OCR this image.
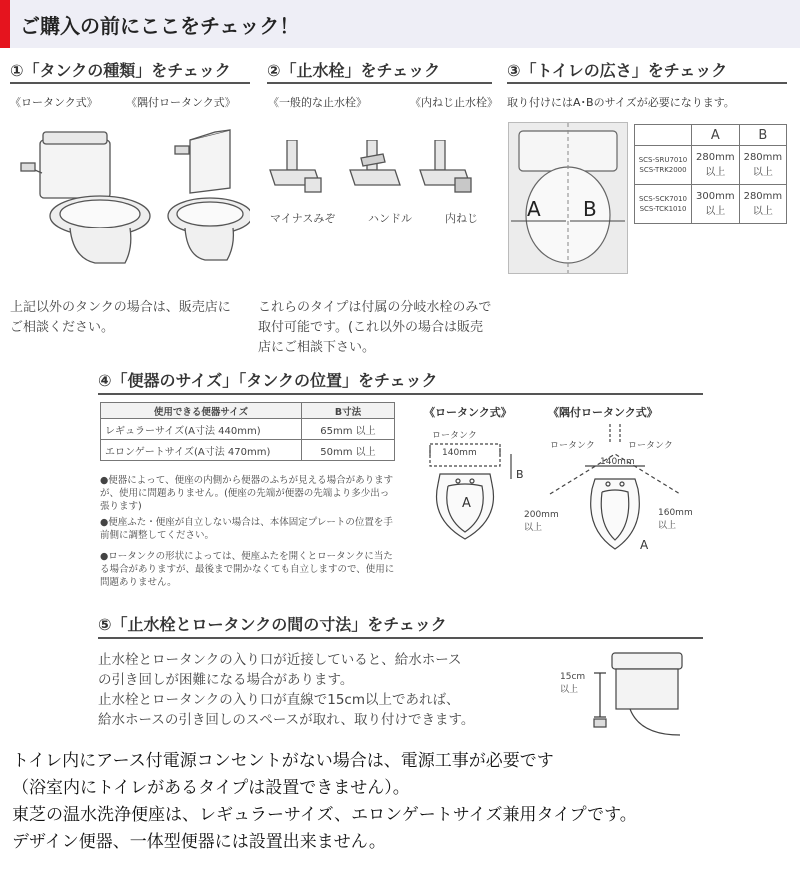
ご購入の前にここをチェック！
①「タンクの種類」をチェック
《ロータンク式》	《隅付ロータンク式》
上記以外のタンクの場合は、販売店にご相談ください。
②「止水栓」をチェック
《一般的な止水栓》	《内ねじ止水栓》
マイナスみぞ	ハンドル	内ねじ
これらのタイプは付属の分岐水栓のみで取付可能です。(これ以外の場合は販売店にご相談下さい。
③「トイレの広さ」をチェック
取り付けにはA･Bのサイズが必要になります。
A B
	A	B

SCS-SRU7010
SCS-TRK2000	280mm 以上	280mm 以上

SCS-SCK7010
SCS-TCK1010	300mm 以上	280mm 以上
④「便器のサイズ」「タンクの位置」をチェック
使用できる便器サイズ	B寸法
レギュラーサイズ(A寸法 440mm)	65mm 以上
エロンゲートサイズ(A寸法 470mm)	50mm 以上
●便器によって、便座の内側から便器のふちが見える場合がありますが、使用に問題ありません。(便座の先端が便器の先端より多少出っ張ります)
●便座ふた・便座が自立しない場合は、本体固定プレートの位置を手前側に調整してください。
●ロータンクの形状によっては、便座ふたを開くとロータンクに当たる場合がありますが、最後まで開かなくても自立しますので、使用に問題ありません。
《ロータンク式》	《隅付ロータンク式》
ロータンク
140mm
A
B
ロータンク	ロータンク
140mm
200mm 以上
160mm 以上
A
⑤「止水栓とロータンクの間の寸法」をチェック
止水栓とロータンクの入り口が近接していると、給水ホース
の引き回しが困難になる場合があります。
止水栓とロータンクの入り口が直線で15cm以上であれば、
給水ホースの引き回しのスペースが取れ、取り付けできます。
15cm 以上
トイレ内にアース付電源コンセントがない場合は、電源工事が必要です
（浴室内にトイレがあるタイプは設置できません）。
東芝の温水洗浄便座は、レギュラーサイズ、エロンゲートサイズ兼用タイプです。
デザイン便器、一体型便器には設置出来ません。
